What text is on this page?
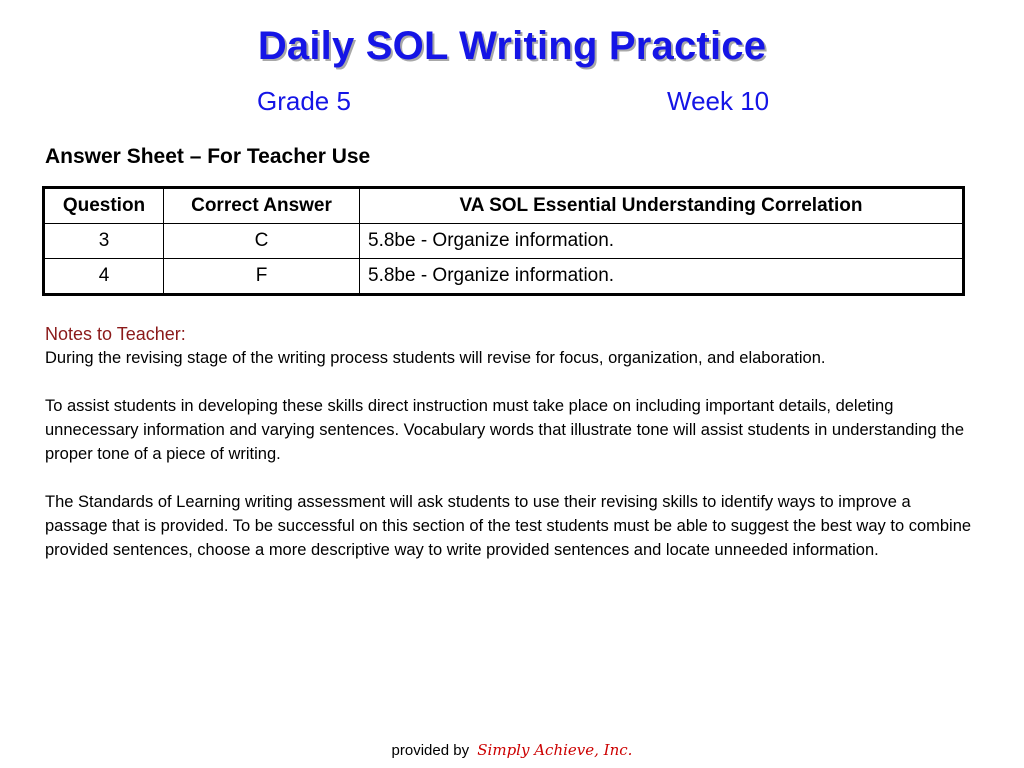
Daily SOL Writing Practice
Grade 5	Week 10
Answer Sheet – For Teacher Use
Question	Correct Answer	VA SOL Essential Understanding Correlation
3	C	5.8be - Organize information.
4	F	5.8be - Organize information.
Notes to Teacher:

During the revising stage of the writing process students will revise for focus, organization, and elaboration.

To assist students in developing these skills direct instruction must take place on including important details, deleting unnecessary information and varying sentences. Vocabulary words that illustrate tone will assist students in understanding the proper tone of a piece of writing.

The Standards of Learning writing assessment will ask students to use their revising skills to identify ways to improve a passage that is provided. To be successful on this section of the test students must be able to suggest the best way to combine provided sentences, choose a more descriptive way to write provided sentences and locate unneeded information.

provided by Simply Achieve, Inc.
